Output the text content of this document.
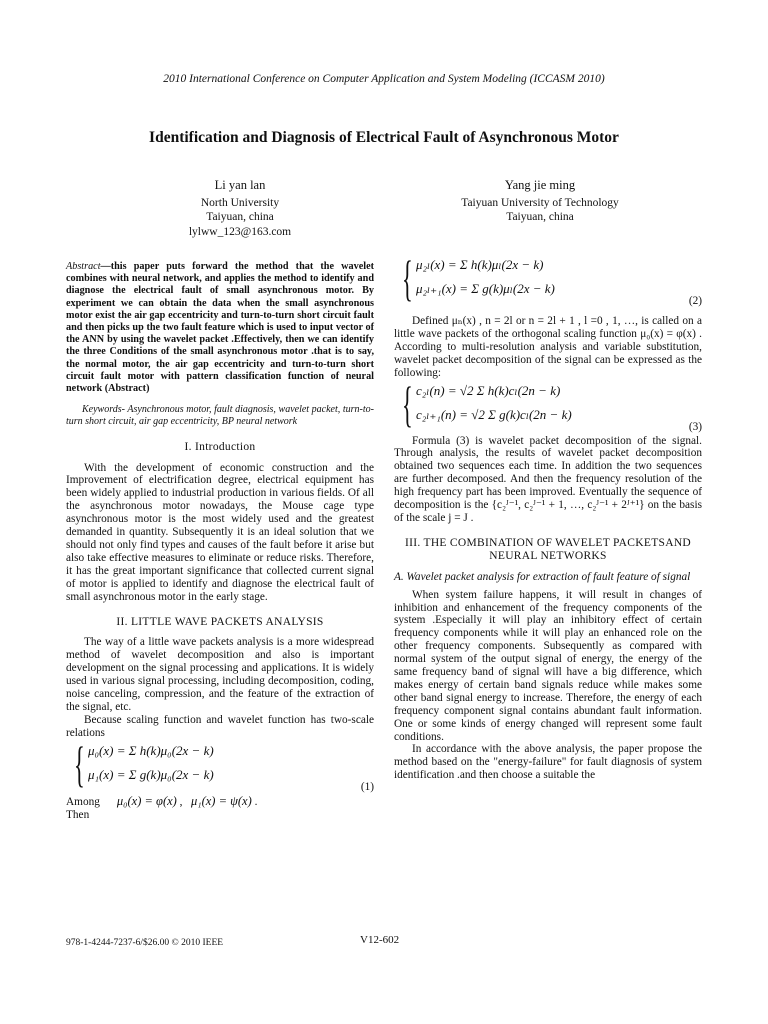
2010 International Conference on Computer Application and System Modeling (ICCASM 2010)
Identification and Diagnosis of Electrical Fault of Asynchronous Motor
Li yan lan
North University
Taiyuan, china
lylww_123@163.com
Yang jie ming
Taiyuan University of Technology
Taiyuan, china

Abstract—this paper puts forward the method that the wavelet combines with neural network, and applies the method to identify and diagnose the electrical fault of small asynchronous motor. By experiment we can obtain the data when the small asynchronous motor exist the air gap eccentricity and turn-to-turn short circuit fault and then picks up the two fault feature which is used to input vector of the ANN by using the wavelet packet .Effectively, then we can identify the three Conditions of the small asynchronous motor .that is to say, the normal motor, the air gap eccentricity and turn-to-turn short circuit fault motor with pattern classification function of neural network (Abstract)

Keywords- Asynchronous motor, fault diagnosis, wavelet packet, turn-to-turn short circuit, air gap eccentricity, BP neural network

I. Introduction

With the development of economic construction and the Improvement of electrification degree, electrical equipment has been widely applied to industrial production in various fields. Of all the asynchronous motor nowadays, the Mouse cage type asynchronous motor is the most widely used and the greatest demanded in quantity. Subsequently it is an ideal solution that we should not only find types and causes of the fault before it arise but also take effective measures to eliminate or reduce risks. Therefore, it has the great important significance that collected current signal of motor is applied to identify and diagnose the electrical fault of small asynchronous motor in the early stage.

II. LITTLE WAVE PACKETS ANALYSIS

The way of a little wave packets analysis is a more widespread method of wavelet decomposition and also is important development on the signal processing and applications. It is widely used in various signal processing, including decomposition, coding, noise canceling, compression, and the feature of the extraction of the signal, etc.

Because scaling function and wavelet function has two-scale relations

{ μ₀(x) = Σ h(k)μ₀(2x − k)
μ₁(x) = Σ g(k)μ₀(2x − k)
(1)

Among μ₀(x) = φ(x) ,   μ₁(x) = ψ(x) .

Then

{ μ₂ₗ(x) = Σ h(k)μₗ(2x − k)
μ₂ₗ₊₁(x) = Σ g(k)μₗ(2x − k)
(2)

Defined μₙ(x) , n = 2l or n = 2l + 1 , l =0 , 1, …, is called on a little wave packets of the orthogonal scaling function μ₀(x) = φ(x) . According to multi-resolution analysis and variable substitution, wavelet packet decomposition of the signal can be expressed as the following:

{ c₂ₗ(n) = √2 Σ h(k)cₗ(2n − k)
c₂ₗ₊₁(n) = √2 Σ g(k)cₗ(2n − k)
(3)

Formula (3) is wavelet packet decomposition of the signal. Through analysis, the results of wavelet packet decomposition obtained two sequences each time. In addition the two sequences are further decomposed. And then the frequency resolution of the high frequency part has been improved. Eventually the sequence of decomposition is the {c₂ᴶ⁻¹, c₂ᴶ⁻¹ + 1, …, c₂ᴶ⁻¹ + 2ᴶ⁺¹} on the basis of the scale j = J .

III. THE COMBINATION OF WAVELET PACKETSAND NEURAL NETWORKS
A. Wavelet packet analysis for extraction of fault feature of signal

When system failure happens, it will result in changes of inhibition and enhancement of the frequency components of the system .Especially it will play an inhibitory effect of certain frequency components while it will play an enhanced role on the other frequency components. Subsequently as compared with normal system of the output signal of energy, the energy of the same frequency band of signal will have a big difference, which makes energy of certain band signals reduce while makes some other band signal energy to increase. Therefore, the energy of each frequency component signal contains abundant fault information. One or some kinds of energy changed will represent some fault conditions.

In accordance with the above analysis, the paper propose the method based on the "energy-failure" for fault diagnosis of system identification .and then choose a suitable the

978-1-4244-7237-6/$26.00 © 2010 IEEE	V12-602
